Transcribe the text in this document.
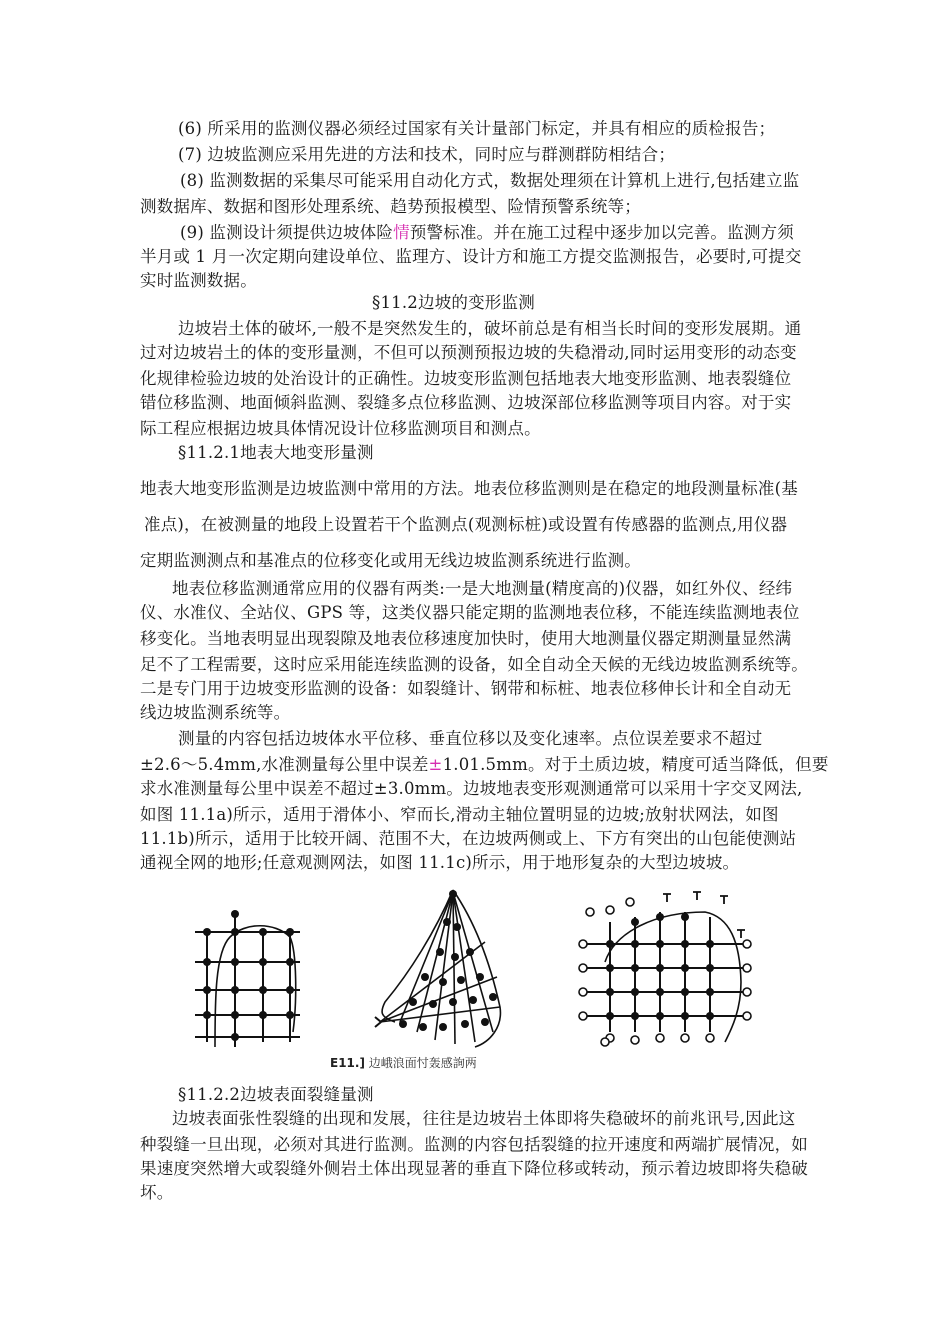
(6) 所采用的监测仪器必须经过国家有关计量部门标定，并具有相应的质检报告；
(7) 边坡监测应采用先进的方法和技术，同时应与群测群防相结合；
(8) 监测数据的采集尽可能采用自动化方式，数据处理须在计算机上进行,包括建立监
测数据库、数据和图形处理系统、趋势预报模型、险情预警系统等；
(9) 监测设计须提供边坡体险情预警标准。并在施工过程中逐步加以完善。监测方须
半月或 1 月一次定期向建设单位、监理方、设计方和施工方提交监测报告，必要时,可提交
实时监测数据。
§11.2边坡的变形监测
边坡岩土体的破坏,一般不是突然发生的，破坏前总是有相当长时间的变形发展期。通
过对边坡岩土的体的变形量测，不但可以预测预报边坡的失稳滑动,同时运用变形的动态变
化规律检验边坡的处治设计的正确性。边坡变形监测包括地表大地变形监测、地表裂缝位
错位移监测、地面倾斜监测、裂缝多点位移监测、边坡深部位移监测等项目内容。对于实
际工程应根据边坡具体情况设计位移监测项目和测点。
§11.2.1地表大地变形量测
地表大地变形监测是边坡监测中常用的方法。地表位移监测则是在稳定的地段测量标准(基
准点)，在被测量的地段上设置若干个监测点(观测标桩)或设置有传感器的监测点,用仪器
定期监测测点和基准点的位移变化或用无线边坡监测系统进行监测。
地表位移监测通常应用的仪器有两类:一是大地测量(精度高的)仪器，如红外仪、经纬
仪、水准仪、全站仪、GPS 等，这类仪器只能定期的监测地表位移，不能连续监测地表位
移变化。当地表明显出现裂隙及地表位移速度加快时，使用大地测量仪器定期测量显然满
足不了工程需要，这时应采用能连续监测的设备，如全自动全天候的无线边坡监测系统等。
二是专门用于边坡变形监测的设备：如裂缝计、钢带和标桩、地表位移伸长计和全自动无
线边坡监测系统等。
测量的内容包括边坡体水平位移、垂直位移以及变化速率。点位误差要求不超过
±2.6～5.4mm,水准测量每公里中误差±1.01.5mm。对于土质边坡，精度可适当降低，但要
求水准测量每公里中误差不超过±3.0mm。边坡地表变形观测通常可以采用十字交叉网法,
如图 11.1a)所示，适用于滑体小、窄而长,滑动主轴位置明显的边坡;放射状网法，如图
11.1b)所示，适用于比较开阔、范围不大，在边坡两侧或上、下方有突出的山包能使测站
通视全网的地形;任意观测网法，如图 11.1c)所示，用于地形复杂的大型边坡坡。
E11.] 边峨浪面忖轰感詢两
§11.2.2边坡表面裂缝量测
边坡表面张性裂缝的出现和发展，往往是边坡岩土体即将失稳破坏的前兆讯号,因此这
种裂缝一旦出现，必须对其进行监测。监测的内容包括裂缝的拉开速度和两端扩展情况，如
果速度突然增大或裂缝外侧岩土体出现显著的垂直下降位移或转动，预示着边坡即将失稳破
坏。
